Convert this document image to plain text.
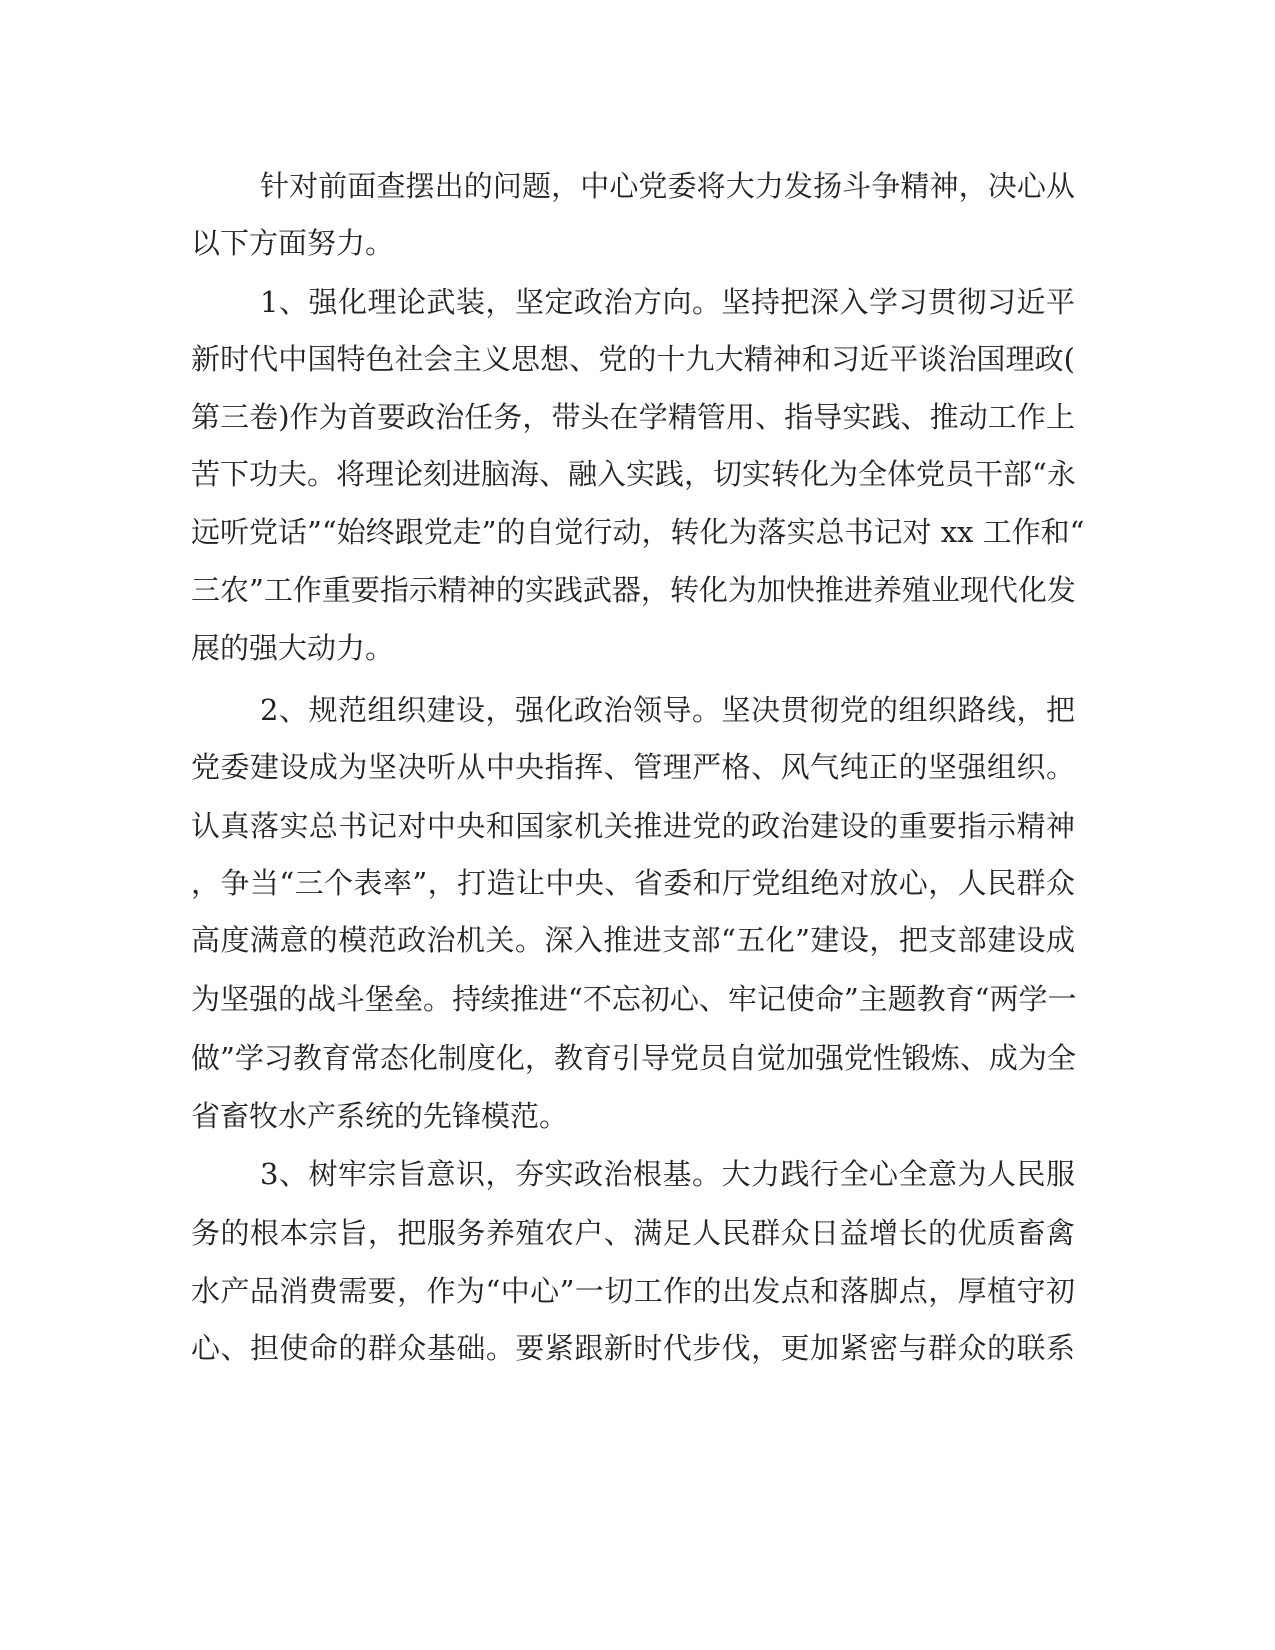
针对前面查摆出的问题，中心党委将大力发扬斗争精神，决心从
以下方面努力。
1、强化理论武装，坚定政治方向。坚持把深入学习贯彻习近平
新时代中国特色社会主义思想、党的十九大精神和习近平谈治国理政(
第三卷)作为首要政治任务，带头在学精管用、指导实践、推动工作上
苦下功夫。将理论刻进脑海、融入实践，切实转化为全体党员干部“永
远听党话”“始终跟党走”的自觉行动，转化为落实总书记对 xx 工作和“
三农”工作重要指示精神的实践武器，转化为加快推进养殖业现代化发
展的强大动力。
2、规范组织建设，强化政治领导。坚决贯彻党的组织路线，把
党委建设成为坚决听从中央指挥、管理严格、风气纯正的坚强组织。
认真落实总书记对中央和国家机关推进党的政治建设的重要指示精神
，争当“三个表率”，打造让中央、省委和厅党组绝对放心，人民群众
高度满意的模范政治机关。深入推进支部“五化”建设，把支部建设成
为坚强的战斗堡垒。持续推进“不忘初心、牢记使命”主题教育“两学一
做”学习教育常态化制度化，教育引导党员自觉加强党性锻炼、成为全
省畜牧水产系统的先锋模范。
3、树牢宗旨意识，夯实政治根基。大力践行全心全意为人民服
务的根本宗旨，把服务养殖农户、满足人民群众日益增长的优质畜禽
水产品消费需要，作为“中心”一切工作的出发点和落脚点，厚植守初
心、担使命的群众基础。要紧跟新时代步伐，更加紧密与群众的联系
